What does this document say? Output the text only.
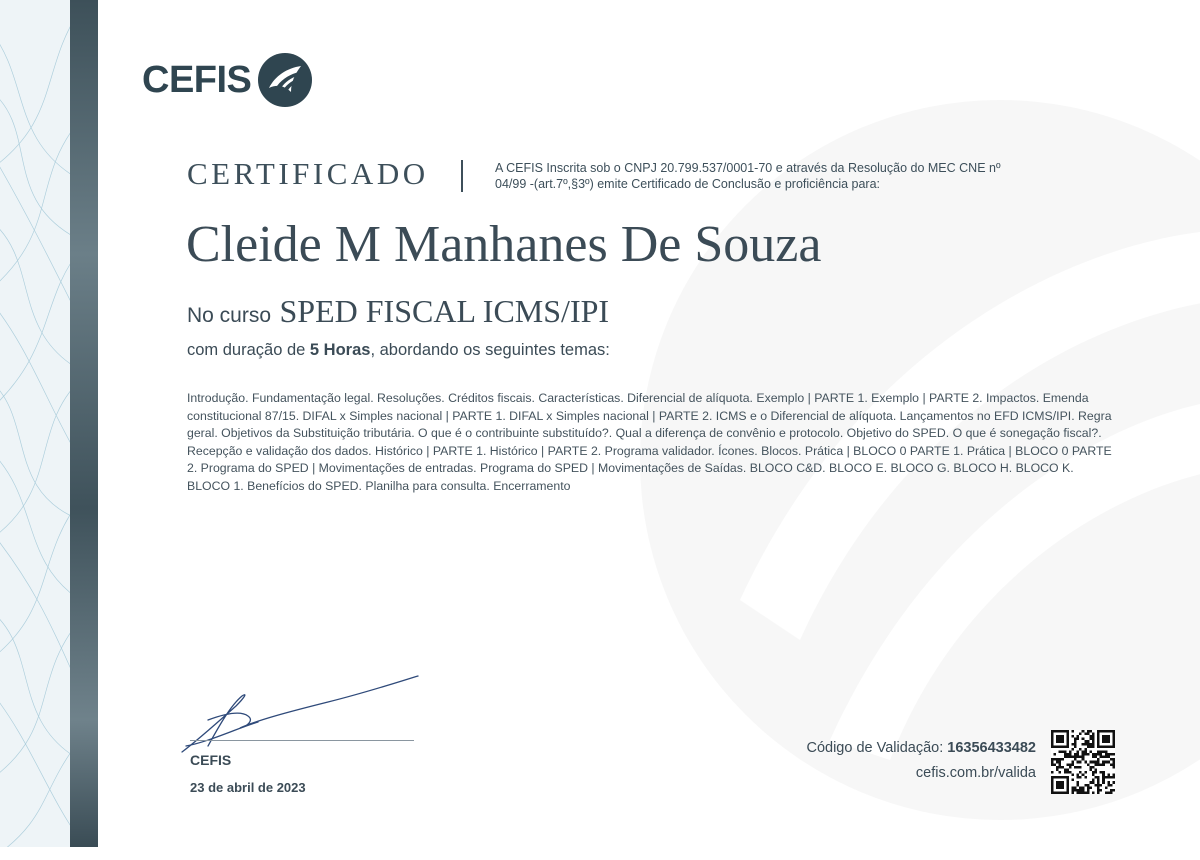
CEFIS
CERTIFICADO	A CEFIS Inscrita sob o CNPJ 20.799.537/0001-70 e através da Resolução do MEC CNE nº 04/99 -(art.7º,§3º) emite Certificado de Conclusão e proficiência para:
Cleide M Manhanes De Souza
No curso SPED FISCAL ICMS/IPI
com duração de 5 Horas, abordando os seguintes temas:
Introdução. Fundamentação legal. Resoluções. Créditos fiscais. Características. Diferencial de alíquota. Exemplo | PARTE 1. Exemplo | PARTE 2. Impactos. Emenda constitucional 87/15. DIFAL x Simples nacional | PARTE 1. DIFAL x Simples nacional | PARTE 2. ICMS e o Diferencial de alíquota. Lançamentos no EFD ICMS/IPI. Regra geral. Objetivos da Substituição tributária. O que é o contribuinte substituído?. Qual a diferença de convênio e protocolo. Objetivo do SPED. O que é sonegação fiscal?. Recepção e validação dos dados. Histórico | PARTE 1. Histórico | PARTE 2. Programa validador. Ícones. Blocos. Prática | BLOCO 0 PARTE 1. Prática | BLOCO 0 PARTE 2. Programa do SPED | Movimentações de entradas. Programa do SPED | Movimentações de Saídas. BLOCO C&D. BLOCO E. BLOCO G. BLOCO H. BLOCO K. BLOCO 1. Benefícios do SPED. Planilha para consulta. Encerramento
CEFIS
23 de abril de 2023
Código de Validação: 16356433482
cefis.com.br/valida
